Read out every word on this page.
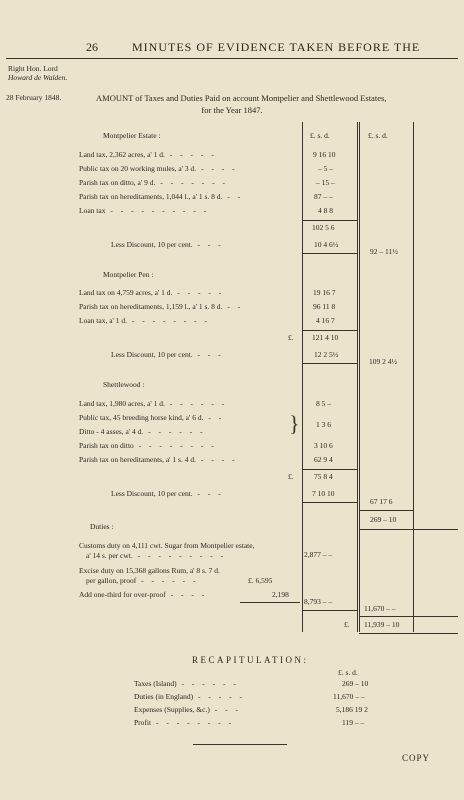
26	MINUTES OF EVIDENCE TAKEN BEFORE THE
Right Hon. Lord
Howard de Walden.
28 February 1848.	AMOUNT of Taxes and Duties Paid on account Montpelier and Shettlewood Estates,
for the Year 1847.
£. s. d.	£. s. d.
Montpelier Estate :
Land tax, 2,362 acres, a' 1 d. - - - - -	9 16 10
Public tax on 20 working mules, a' 3 d. - - - -	– 5 –
Parish tax on ditto, a' 9 d. - - - - - - -	– 15 –
Parish tax on hereditaments, 1,044 l., a' 1 s. 8 d. - -	87 – –
Loan tax - - - - - - - - - -	4 8 8
102 5 6
Less Discount, 10 per cent. - - -	10 4 6½
92 – 11½
Montpelier Pen :
Land tax on 4,759 acres, a' 1 d. - - - - -	19 16 7
Parish tax on hereditaments, 1,159 l., a' 1 s. 8 d. - -	96 11 8
Loan tax, a' 1 d. - - - - - - - -	4 16 7
£. 121 4 10
Less Discount, 10 per cent. - - -	12 2 5½
109 2 4½
Shettlewood :
Land tax, 1,980 acres, a' 1 d. - - - - - -	8 5 –
Public tax, 45 breeding horse kind, a' 6 d. - -
Ditto - 4 asses, a' 4 d. - - - - - -	} 1 3 6
Parish tax on ditto - - - - - - - -	3 10 6
Parish tax on hereditaments, a' 1 s. 4 d. - - - -	62 9 4
£.	75 8 4
Less Discount, 10 per cent. - - -	7 10 10
67 17 6
269 – 10
Duties :
Customs duty on 4,111 cwt. Sugar from Montpelier estate,
a' 14 s. per cwt. - - - - - - - - -	2,877 – –
Excise duty on 15,368 gallons Rum, a' 8 s. 7 d.
per gallon, proof - - - - - -	£. 6,595
Add one-third for over-proof - - - -	2,198
8,793 – –
11,670 – –
£. 11,939 – 10
RECAPITULATION:
£. s. d.
Taxes (Island) - - - - - -	269 – 10
Duties (in England) - - - - -	11,670 – –
Expenses (Supplies, &c.) - - -	5,186 19 2
Profit - - - - - - - -	119 – –
COPY
